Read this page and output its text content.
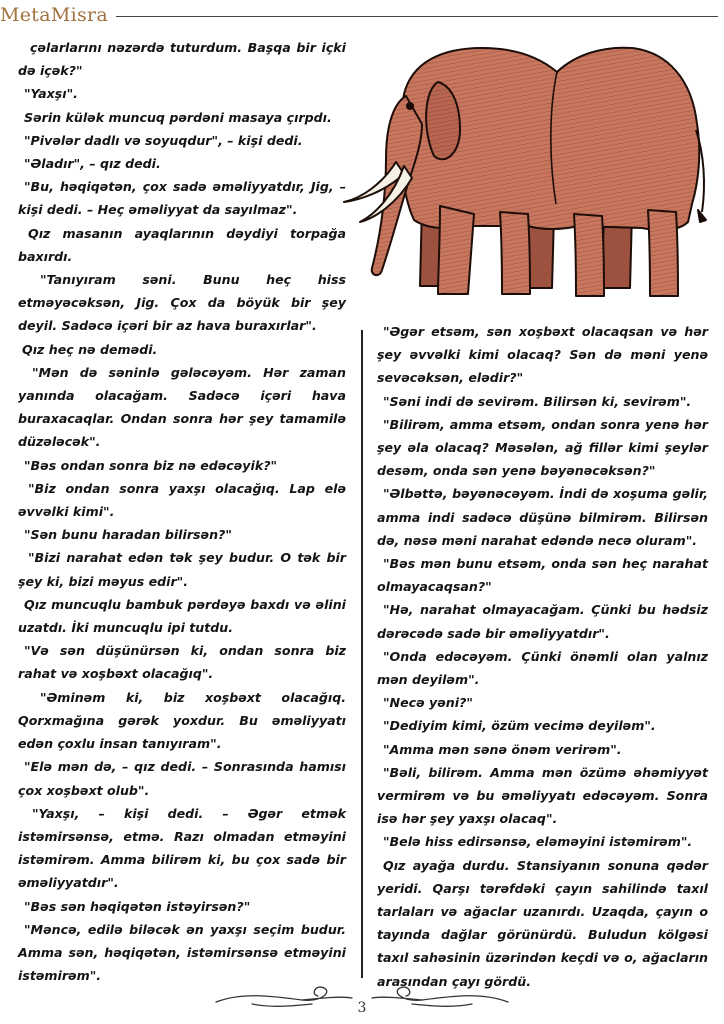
MetaMisra

çəlarlarını nəzərdə tuturdum. Başqa bir içki də içək?"

"Yaxşı".

Sərin külək muncuq pərdəni masaya çırpdı.

"Pivələr dadlı və soyuqdur", – kişi dedi.

"Əladır", – qız dedi.

"Bu, həqiqətən, çox sadə əməliyyatdır, Jig, – kişi dedi. – Heç əməliyyat da sayılmaz".

Qız masanın ayaqlarının dəydiyi torpağa baxırdı.

"Tanıyıram səni. Bunu heç hiss etməyəcəksən, Jig. Çox da böyük bir şey deyil. Sadəcə içəri bir az hava buraxırlar".

Qız heç nə demədi.

"Mən də səninlə gələcəyəm. Hər zaman yanında olacağam. Sadəcə içəri hava buraxacaqlar. Ondan sonra hər şey tamamilə düzələcək".

"Bəs ondan sonra biz nə edəcəyik?"

"Biz ondan sonra yaxşı olacağıq. Lap elə əvvəlki kimi".

"Sən bunu haradan bilirsən?"

"Bizi narahat edən tək şey budur. O tək bir şey ki, bizi məyus edir".

Qız muncuqlu bambuk pərdəyə baxdı və əlini uzatdı. İki muncuqlu ipi tutdu.

"Və sən düşünürsən ki, ondan sonra biz rahat və xoşbəxt olacağıq".

"Əminəm ki, biz xoşbəxt olacağıq. Qorxmağına gərək yoxdur. Bu əməliyyatı edən çoxlu insan tanıyıram".

"Elə mən də, – qız dedi. – Sonrasında hamısı çox xoşbəxt olub".

"Yaxşı, – kişi dedi. – Əgər etmək istəmirsənsə, etmə. Razı olmadan etməyini istəmirəm. Amma bilirəm ki, bu çox sadə bir əməliyyatdır".

"Bəs sən həqiqətən istəyirsən?"

"Məncə, edilə biləcək ən yaxşı seçim budur. Amma sən, həqiqətən, istəmirsənsə etməyini istəmirəm".

"Əgər etsəm, sən xoşbəxt olacaqsan və hər şey əvvəlki kimi olacaq? Sən də məni yenə sevəcəksən, elədir?"

"Səni indi də sevirəm. Bilirsən ki, sevirəm".

"Bilirəm, amma etsəm, ondan sonra yenə hər şey əla olacaq? Məsələn, ağ fillər kimi şeylər desəm, onda sən yenə bəyənəcəksən?"

"Əlbəttə, bəyənəcəyəm. İndi də xoşuma gəlir, amma indi sadəcə düşünə bilmirəm. Bilirsən də, nəsə məni narahat edəndə necə oluram".

"Bəs mən bunu etsəm, onda sən heç narahat olmayacaqsan?"

"Hə, narahat olmayacağam. Çünki bu hədsiz dərəcədə sadə bir əməliyyatdır".

"Onda edəcəyəm. Çünki önəmli olan yalnız mən deyiləm".

"Necə yəni?"

"Dediyim kimi, özüm vecimə deyiləm".

"Amma mən sənə önəm verirəm".

"Bəli, bilirəm. Amma mən özümə əhəmiyyət vermirəm və bu əməliyyatı edəcəyəm. Sonra isə hər şey yaxşı olacaq".

"Belə hiss edirsənsə, eləməyini istəmirəm".

Qız ayağa durdu. Stansiyanın sonuna qədər yeridi. Qarşı tərəfdəki çayın sahilində taxıl tarlaları və ağaclar uzanırdı. Uzaqda, çayın o tayında dağlar görünürdü. Buludun kölgəsi taxıl sahəsinin üzərindən keçdi və o, ağacların arasından çayı gördü.

3
